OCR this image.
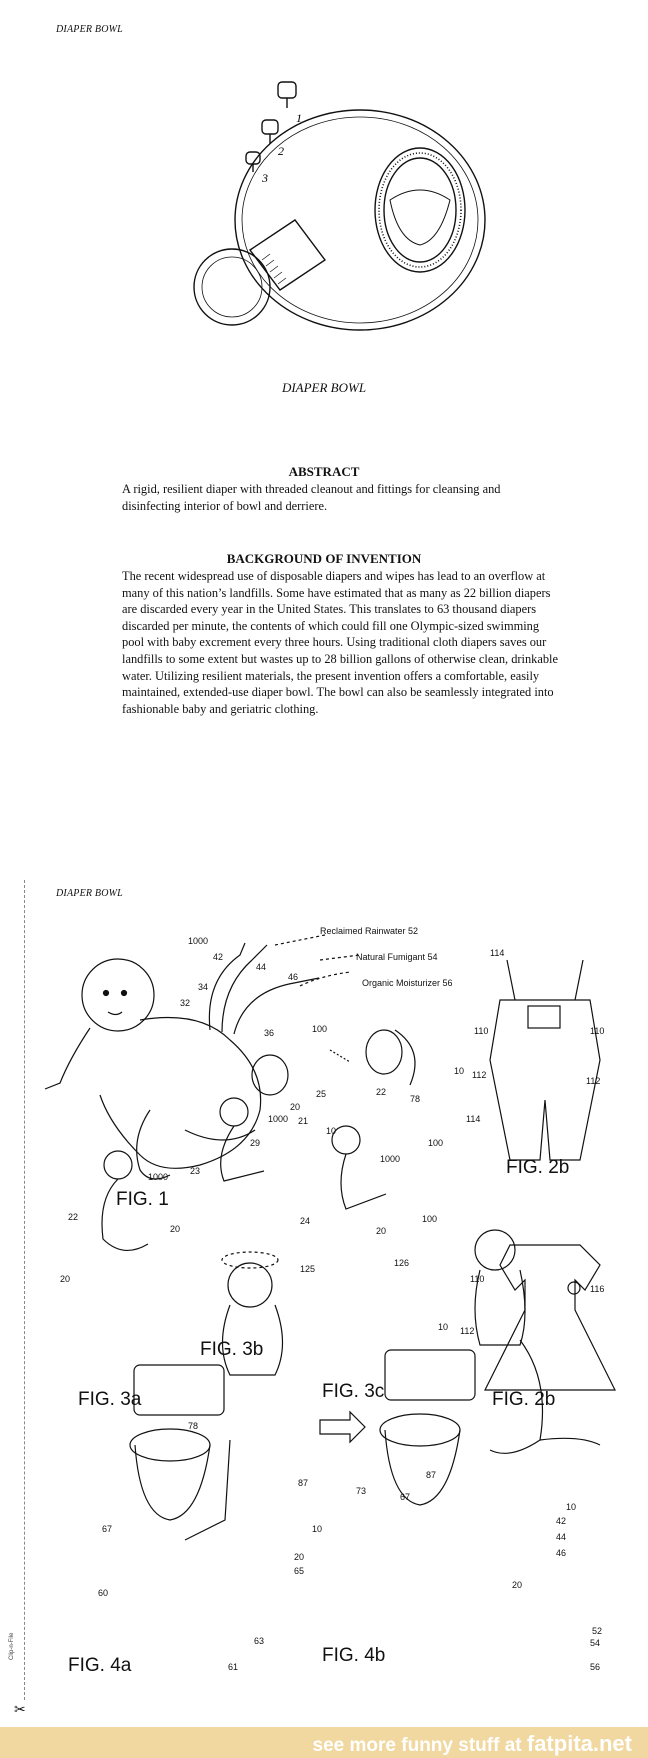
DIAPER BOWL
1
2
3
DIAPER BOWL
ABSTRACT
A rigid, resilient diaper with threaded cleanout and fittings for cleansing and disinfecting interior of bowl and derriere.
BACKGROUND OF INVENTION
The recent widespread use of disposable diapers and wipes has lead to an overflow at many of this nation’s landfills. Some have estimated that as many as 22 billion diapers are discarded every year in the United States. This translates to 63 thousand diapers discarded per minute, the contents of which could fill one Olympic-sized swimming pool with baby excrement every three hours. Using traditional cloth diapers saves our landfills to some extent but wastes up to 28 billion gallons of otherwise clean, drinkable water. Utilizing resilient materials, the present invention offers a comfortable, easily maintained, extended-use diaper bowl. The bowl can also be seamlessly integrated into fashionable baby and geriatric clothing.
Clip-n-File
✂
DIAPER BOWL
Reclaimed Rainwater 52
Natural Fumigant 54
Organic Moisturizer 56
1000
42
44
46
34
32
36	100
22
78
25
20
21
10
29
114
110	110
112
112
10
114
100
1000
23
20
1000
22
20
1000
24
20
125
126
100
110
116
10 112
78
87
67	10
20
65
60
63
61
87
73
67
10
42
44
46
20
52
54
56
FIG. 1
FIG. 2b
FIG. 3b
FIG. 3a	FIG. 3c	FIG. 2b
FIG. 4a	FIG. 4b
see more funny stuff at fatpita.net
